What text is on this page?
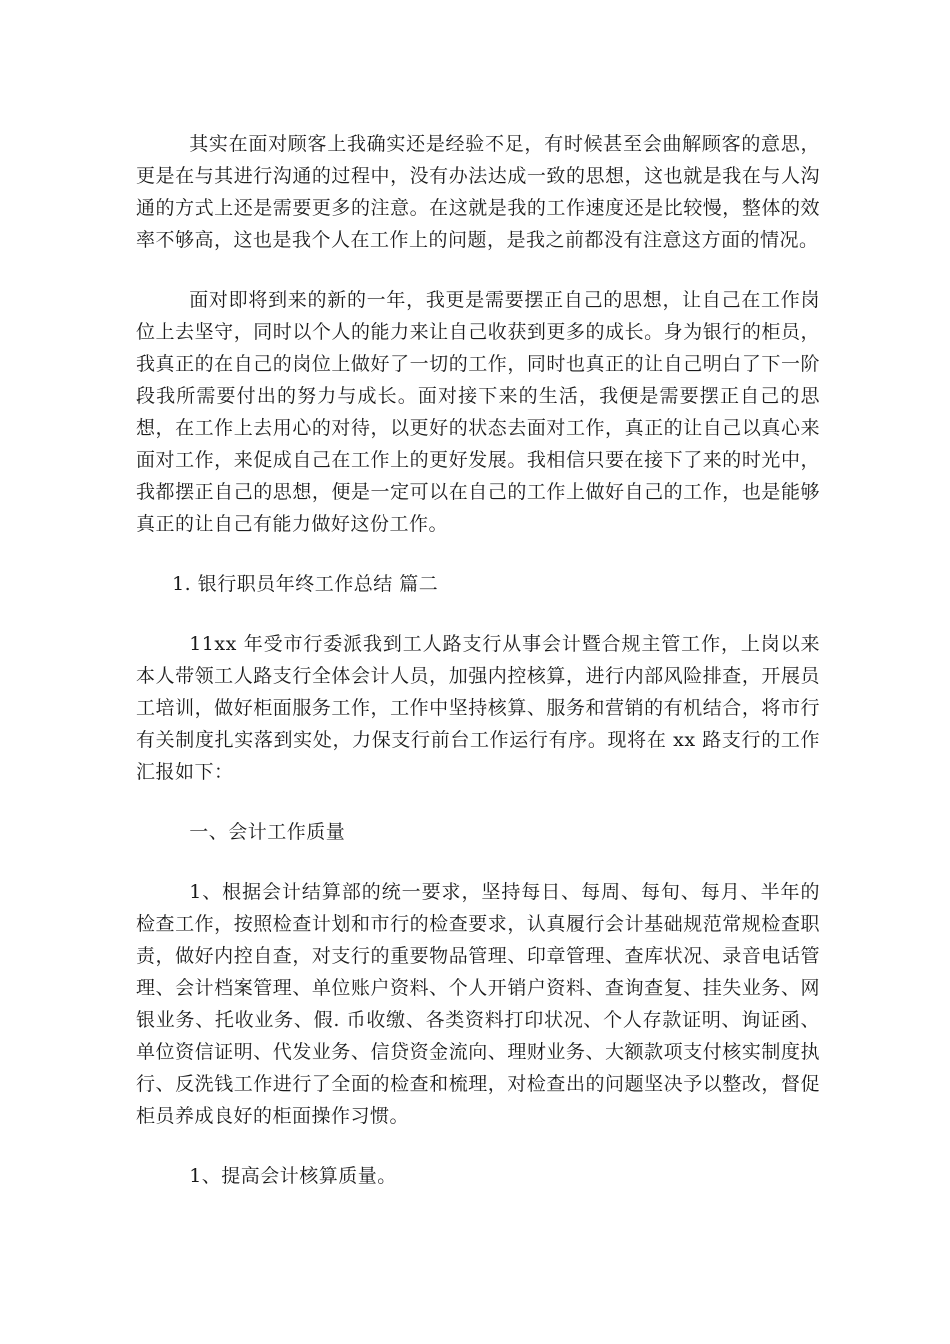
其实在面对顾客上我确实还是经验不足，有时候甚至会曲解顾客的意思，更是在与其进行沟通的过程中，没有办法达成一致的思想，这也就是我在与人沟通的方式上还是需要更多的注意。在这就是我的工作速度还是比较慢，整体的效率不够高，这也是我个人在工作上的问题，是我之前都没有注意这方面的情况。

面对即将到来的新的一年，我更是需要摆正自己的思想，让自己在工作岗位上去坚守，同时以个人的能力来让自己收获到更多的成长。身为银行的柜员，我真正的在自己的岗位上做好了一切的工作，同时也真正的让自己明白了下一阶段我所需要付出的努力与成长。面对接下来的生活，我便是需要摆正自己的思想，在工作上去用心的对待，以更好的状态去面对工作，真正的让自己以真心来面对工作，来促成自己在工作上的更好发展。我相信只要在接下了来的时光中，我都摆正自己的思想，便是一定可以在自己的工作上做好自己的工作，也是能够真正的让自己有能力做好这份工作。

1. 银行职员年终工作总结 篇二

11xx 年受市行委派我到工人路支行从事会计暨合规主管工作，上岗以来本人带领工人路支行全体会计人员，加强内控核算，进行内部风险排查，开展员工培训，做好柜面服务工作，工作中坚持核算、服务和营销的有机结合，将市行有关制度扎实落到实处，力保支行前台工作运行有序。现将在 xx 路支行的工作汇报如下：

一、会计工作质量

1、根据会计结算部的统一要求，坚持每日、每周、每旬、每月、半年的检查工作，按照检查计划和市行的检查要求，认真履行会计基础规范常规检查职责，做好内控自查，对支行的重要物品管理、印章管理、查库状况、录音电话管理、会计档案管理、单位账户资料、个人开销户资料、查询查复、挂失业务、网银业务、托收业务、假. 币收缴、各类资料打印状况、个人存款证明、询证函、单位资信证明、代发业务、信贷资金流向、理财业务、大额款项支付核实制度执行、反洗钱工作进行了全面的检查和梳理，对检查出的问题坚决予以整改，督促柜员养成良好的柜面操作习惯。

1、提高会计核算质量。
